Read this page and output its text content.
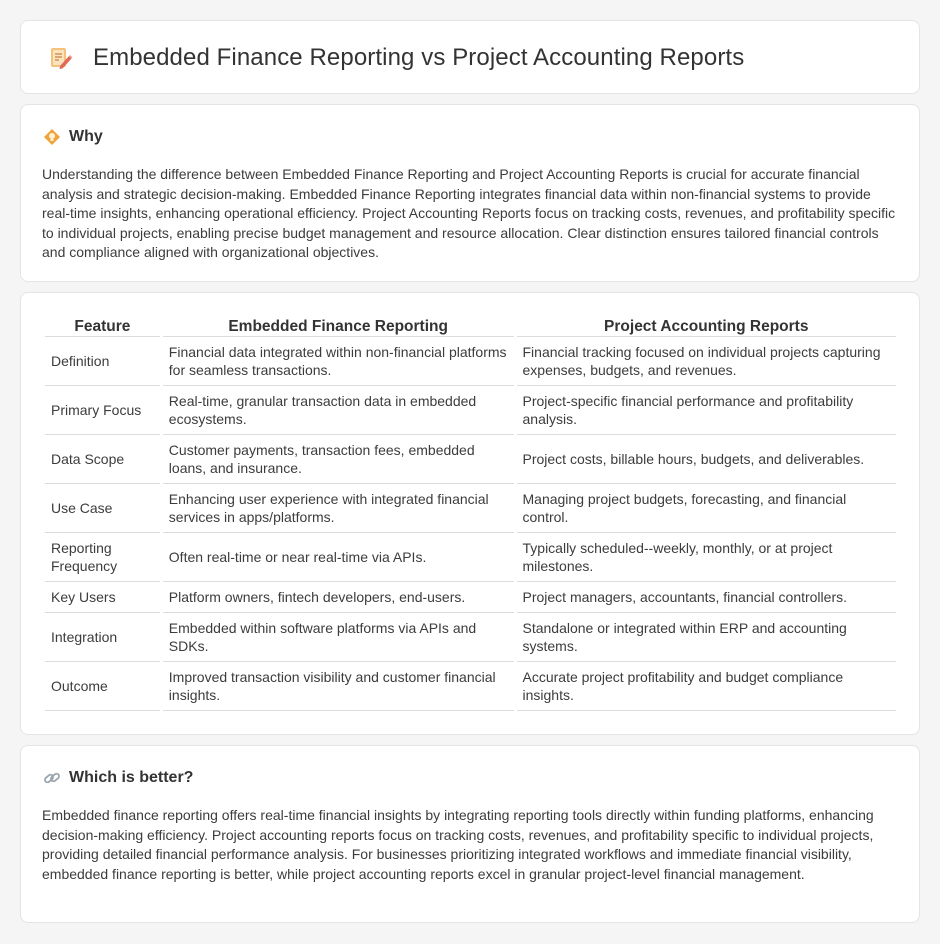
Embedded Finance Reporting vs Project Accounting Reports
Why

Understanding the difference between Embedded Finance Reporting and Project Accounting Reports is crucial for accurate financial analysis and strategic decision-making. Embedded Finance Reporting integrates financial data within non-financial systems to provide real-time insights, enhancing operational efficiency. Project Accounting Reports focus on tracking costs, revenues, and profitability specific to individual projects, enabling precise budget management and resource allocation. Clear distinction ensures tailored financial controls and compliance aligned with organizational objectives.

Feature	Embedded Finance Reporting	Project Accounting Reports
Definition	Financial data integrated within non-financial platforms for seamless transactions.	Financial tracking focused on individual projects capturing expenses, budgets, and revenues.
Primary Focus	Real-time, granular transaction data in embedded ecosystems.	Project-specific financial performance and profitability analysis.
Data Scope	Customer payments, transaction fees, embedded loans, and insurance.	Project costs, billable hours, budgets, and deliverables.
Use Case	Enhancing user experience with integrated financial services in apps/platforms.	Managing project budgets, forecasting, and financial control.
Reporting Frequency	Often real-time or near real-time via APIs.	Typically scheduled--weekly, monthly, or at project milestones.
Key Users	Platform owners, fintech developers, end-users.	Project managers, accountants, financial controllers.
Integration	Embedded within software platforms via APIs and SDKs.	Standalone or integrated within ERP and accounting systems.
Outcome	Improved transaction visibility and customer financial insights.	Accurate project profitability and budget compliance insights.
Which is better?

Embedded finance reporting offers real-time financial insights by integrating reporting tools directly within funding platforms, enhancing decision-making efficiency. Project accounting reports focus on tracking costs, revenues, and profitability specific to individual projects, providing detailed financial performance analysis. For businesses prioritizing integrated workflows and immediate financial visibility, embedded finance reporting is better, while project accounting reports excel in granular project-level financial management.
